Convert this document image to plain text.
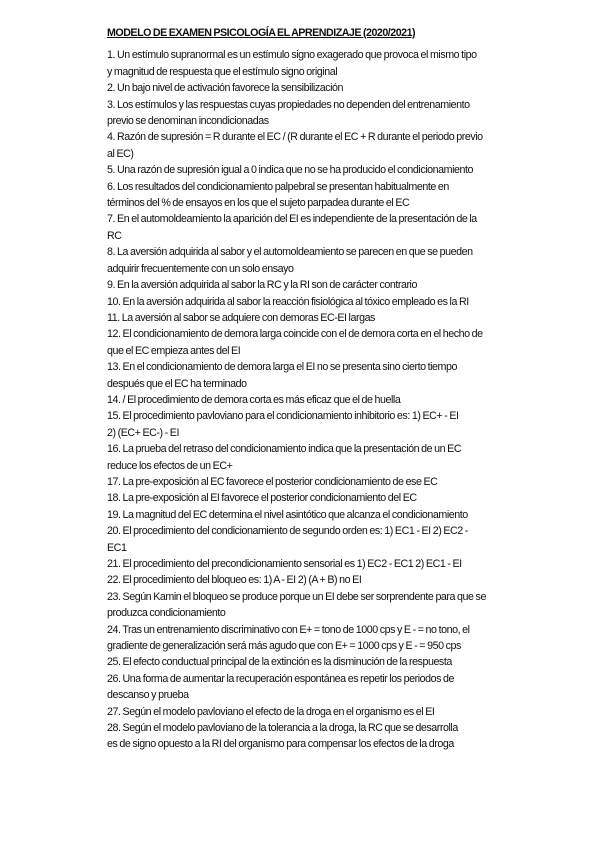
MODELO DE EXAMEN PSICOLOGÍA EL APRENDIZAJE (2020/2021)
1. Un estímulo supranormal es un estímulo signo exagerado que provoca el mismo tipo
y magnitud de respuesta que el estímulo signo original
2. Un bajo nivel de activación favorece la sensibilización
3. Los estímulos y las respuestas cuyas propiedades no dependen del entrenamiento
previo se denominan incondicionadas
4. Razón de supresión = R durante el EC / (R durante el EC + R durante el periodo previo
al EC)
5. Una razón de supresión igual a 0 indica que no se ha producido el condicionamiento
6. Los resultados del condicionamiento palpebral se presentan habitualmente en
términos del % de ensayos en los que el sujeto parpadea durante el EC
7. En el automoldeamiento la aparición del EI es independiente de la presentación de la
RC
8. La aversión adquirida al sabor y el automoldeamiento se parecen en que se pueden
adquirir frecuentemente con un solo ensayo
9. En la aversión adquirida al sabor la RC y la RI son de carácter contrario
10. En la aversión adquirida al sabor la reacción fisiológica al tóxico empleado es la RI
11. La aversión al sabor se adquiere con demoras EC-EI largas
12. El condicionamiento de demora larga coincide con el de demora corta en el hecho de
que el EC empieza antes del EI
13. En el condicionamiento de demora larga el EI no se presenta sino cierto tiempo
después que el EC ha terminado
14. / El procedimiento de demora corta es más eficaz que el de huella
15. El procedimiento pavloviano para el condicionamiento inhibitorio es: 1) EC+ - EI
2) (EC+ EC-) - EI
16. La prueba del retraso del condicionamiento indica que la presentación de un EC
reduce los efectos de un EC+
17. La pre-exposición al EC favorece el posterior condicionamiento de ese EC
18. La pre-exposición al EI favorece el posterior condicionamiento del EC
19. La magnitud del EC determina el nivel asintótico que alcanza el condicionamiento
20. El procedimiento del condicionamiento de segundo orden es: 1) EC1 - EI 2) EC2 -
EC1
21. El procedimiento del precondicionamiento sensorial es 1) EC2 - EC1 2) EC1 - EI
22. El procedimiento del bloqueo es: 1) A - EI 2) (A + B) no EI
23. Según Kamin el bloqueo se produce porque un EI debe ser sorprendente para que se
produzca condicionamiento
24. Tras un entrenamiento discriminativo con E+ = tono de 1000 cps y E - = no tono, el
gradiente de generalización será más agudo que con E+ = 1000 cps y E - = 950 cps
25. El efecto conductual principal de la extinción es la disminución de la respuesta
26. Una forma de aumentar la recuperación espontánea es repetir los periodos de
descanso y prueba
27. Según el modelo pavloviano el efecto de la droga en el organismo es el EI
28. Según el modelo pavloviano de la tolerancia a la droga, la RC que se desarrolla
es de signo opuesto a la RI del organismo para compensar los efectos de la droga
